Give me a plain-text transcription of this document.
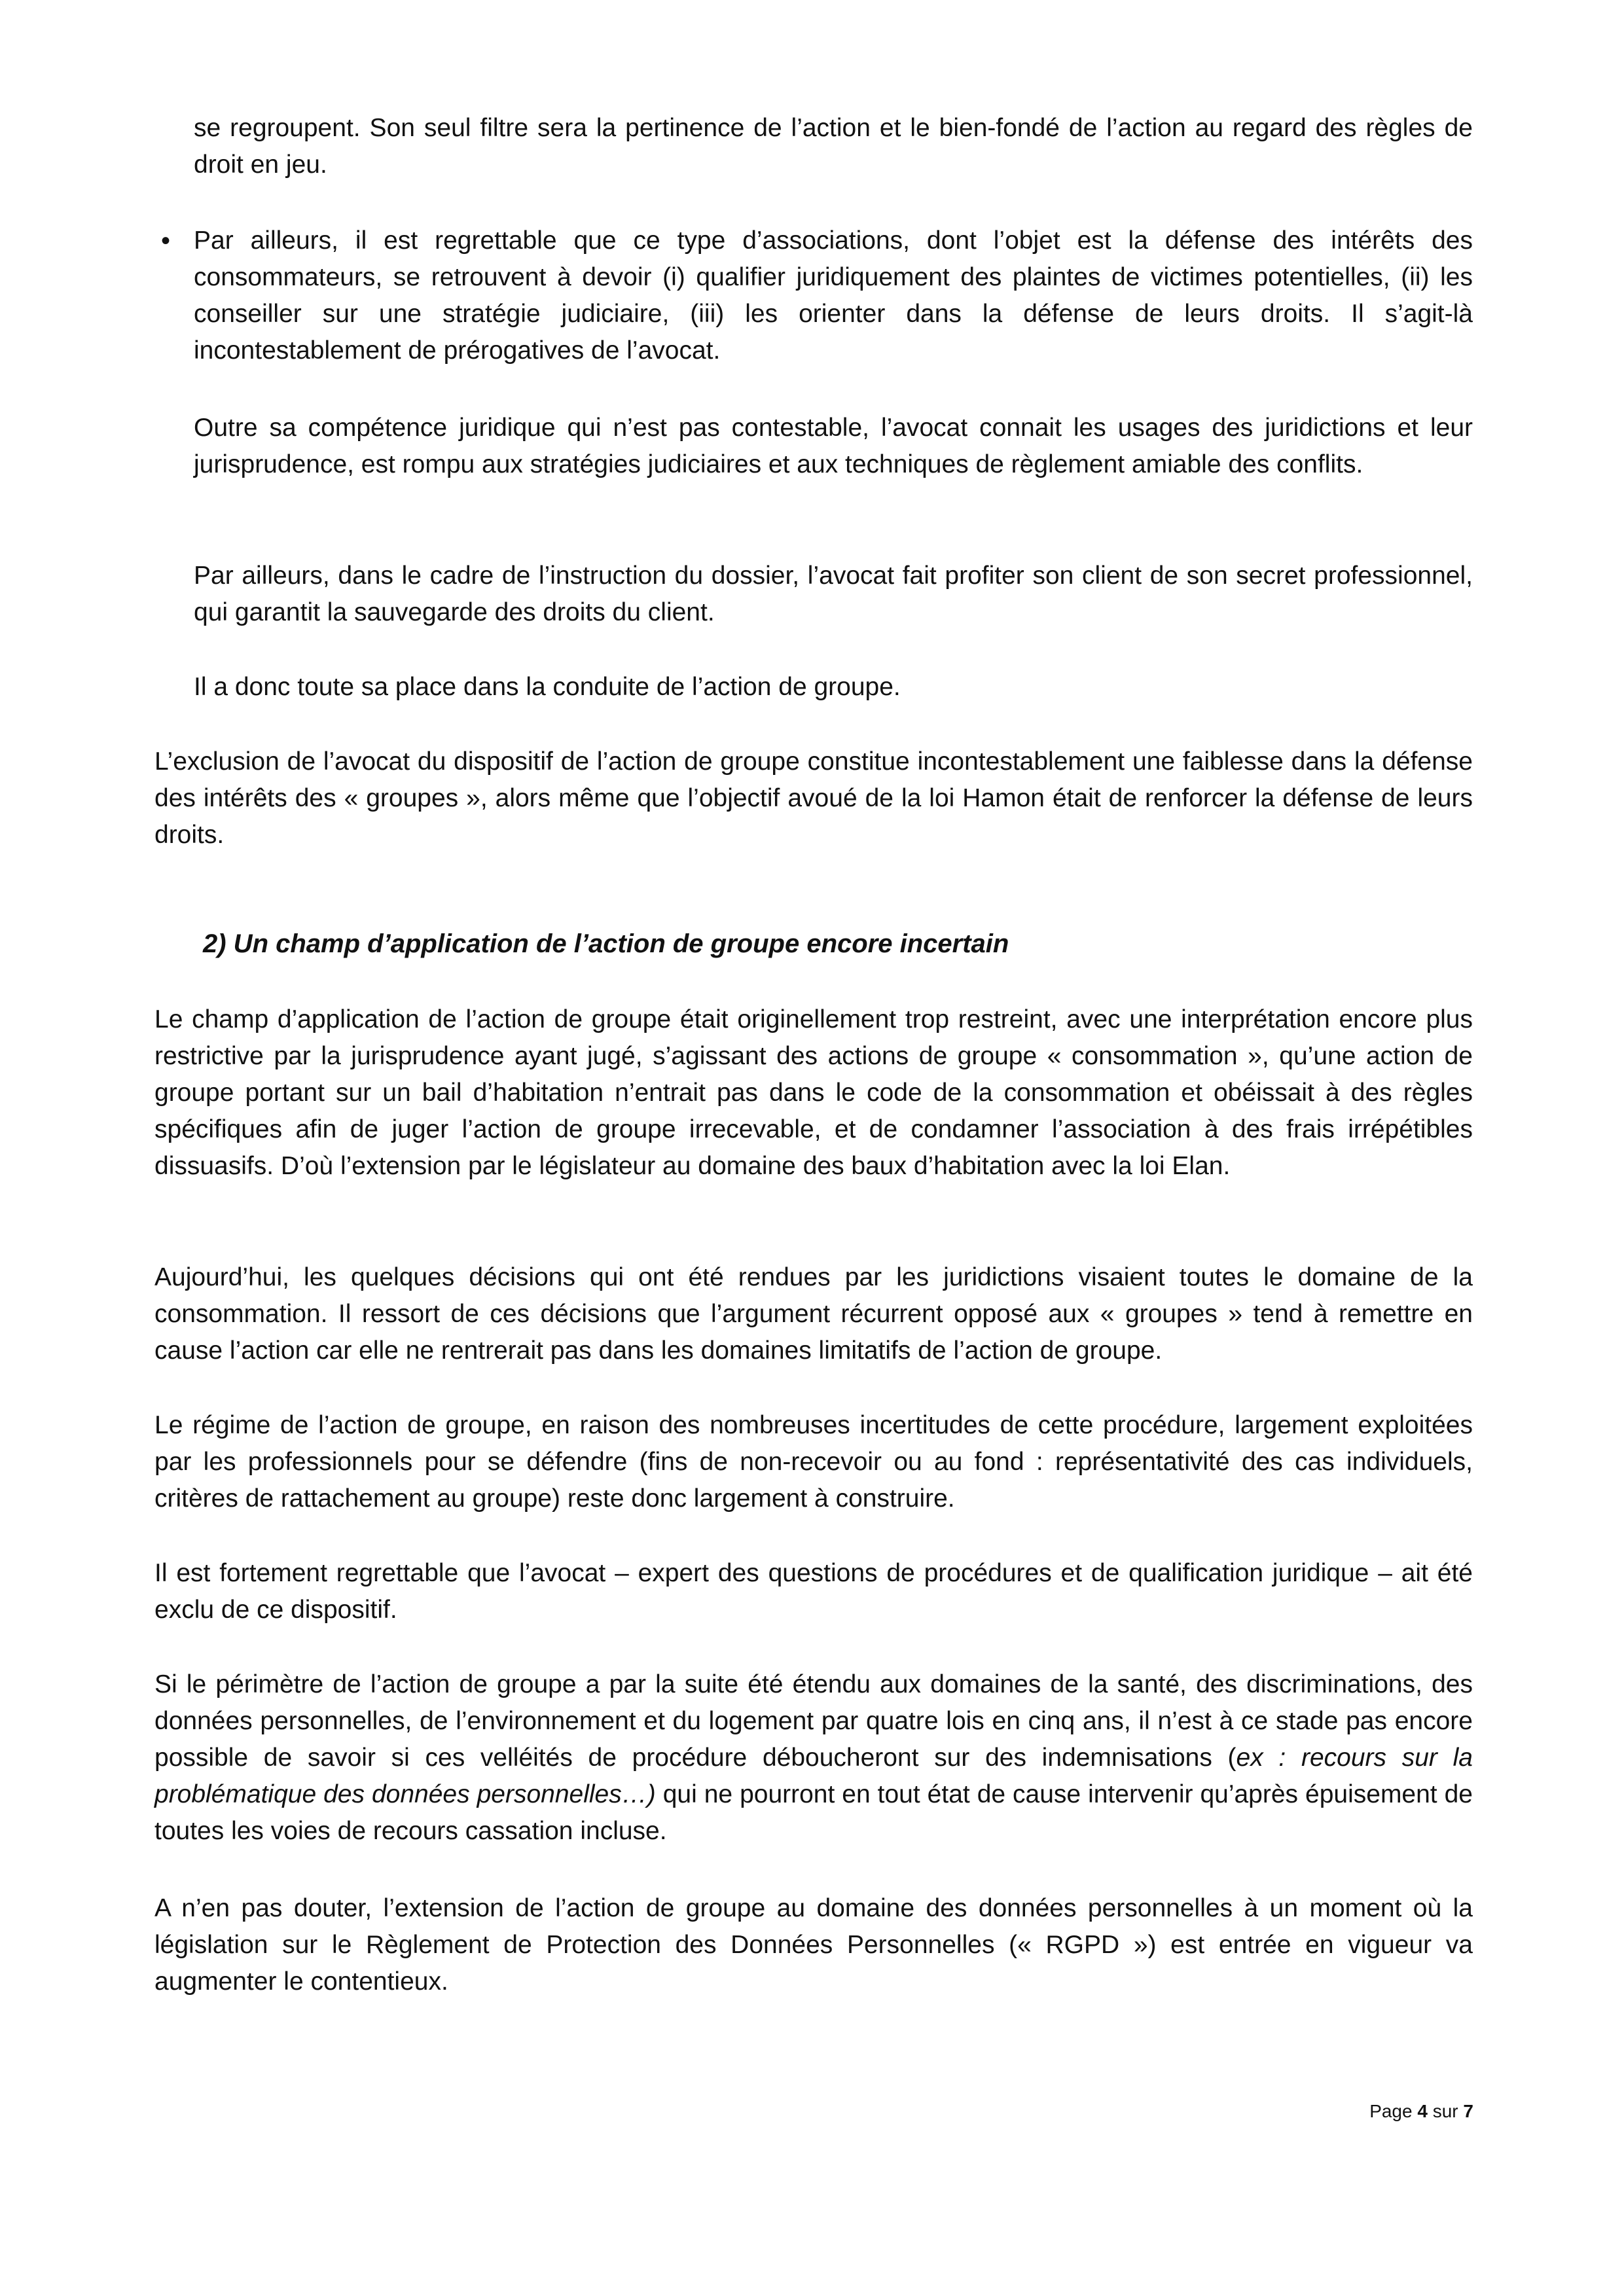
se regroupent. Son seul filtre sera la pertinence de l’action et le bien-fondé de l’action au regard des règles de droit en jeu.

• Par ailleurs, il est regrettable que ce type d’associations, dont l’objet est la défense des intérêts des consommateurs, se retrouvent à devoir (i) qualifier juridiquement des plaintes de victimes potentielles, (ii) les conseiller sur une stratégie judiciaire, (iii) les orienter dans la défense de leurs droits. Il s’agit-là incontestablement de prérogatives de l’avocat.

Outre sa compétence juridique qui n’est pas contestable, l’avocat connait les usages des juridictions et leur jurisprudence, est rompu aux stratégies judiciaires et aux techniques de règlement amiable des conflits.

Par ailleurs, dans le cadre de l’instruction du dossier, l’avocat fait profiter son client de son secret professionnel, qui garantit la sauvegarde des droits du client.

Il a donc toute sa place dans la conduite de l’action de groupe.

L’exclusion de l’avocat du dispositif de l’action de groupe constitue incontestablement une faiblesse dans la défense des intérêts des « groupes », alors même que l’objectif avoué de la loi Hamon était de renforcer la défense de leurs droits.

2) Un champ d’application de l’action de groupe encore incertain

Le champ d’application de l’action de groupe était originellement trop restreint, avec une interprétation encore plus restrictive par la jurisprudence ayant jugé, s’agissant des actions de groupe « consommation », qu’une action de groupe portant sur un bail d’habitation n’entrait pas dans le code de la consommation et obéissait à des règles spécifiques afin de juger l’action de groupe irrecevable, et de condamner l’association à des frais irrépétibles dissuasifs. D’où l’extension par le législateur au domaine des baux d’habitation avec la loi Elan.

Aujourd’hui, les quelques décisions qui ont été rendues par les juridictions visaient toutes le domaine de la consommation. Il ressort de ces décisions que l’argument récurrent opposé aux « groupes » tend à remettre en cause l’action car elle ne rentrerait pas dans les domaines limitatifs de l’action de groupe.

Le régime de l’action de groupe, en raison des nombreuses incertitudes de cette procédure, largement exploitées par les professionnels pour se défendre (fins de non-recevoir ou au fond : représentativité des cas individuels, critères de rattachement au groupe) reste donc largement à construire.

Il est fortement regrettable que l’avocat – expert des questions de procédures et de qualification juridique – ait été exclu de ce dispositif.

Si le périmètre de l’action de groupe a par la suite été étendu aux domaines de la santé, des discriminations, des données personnelles, de l’environnement et du logement par quatre lois en cinq ans, il n’est à ce stade pas encore possible de savoir si ces velléités de procédure déboucheront sur des indemnisations (ex : recours sur la problématique des données personnelles…) qui ne pourront en tout état de cause intervenir qu’après épuisement de toutes les voies de recours cassation incluse.

A n’en pas douter, l’extension de l’action de groupe au domaine des données personnelles à un moment où la législation sur le Règlement de Protection des Données Personnelles (« RGPD ») est entrée en vigueur va augmenter le contentieux.

Page 4 sur 7
